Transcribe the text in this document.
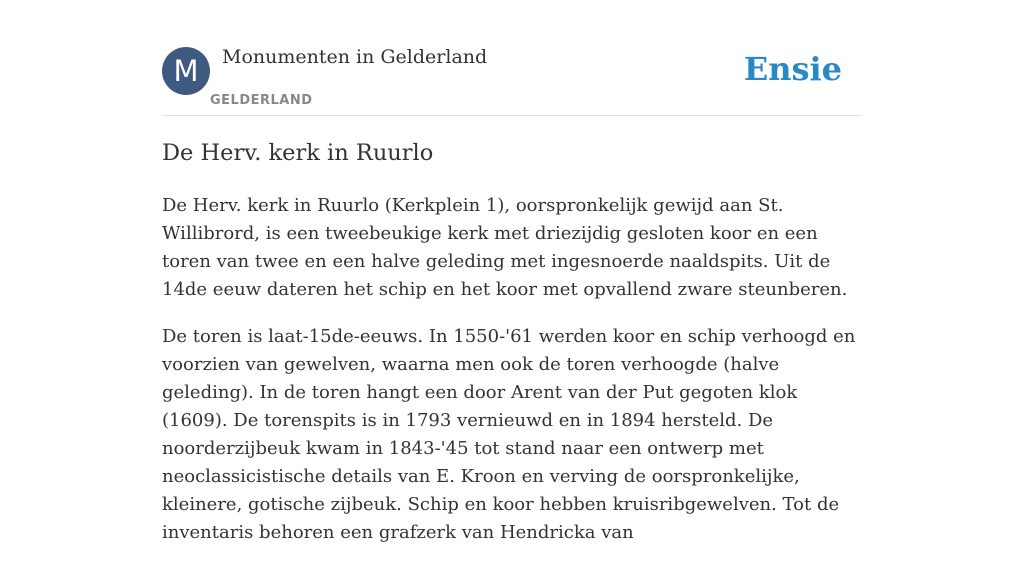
M	Monumenten in Gelderland
GELDERLAND
Ensie
De Herv. kerk in Ruurlo

De Herv. kerk in Ruurlo (Kerkplein 1), oorspronkelijk gewijd aan St. Willibrord, is een tweebeukige kerk met driezijdig gesloten koor en een toren van twee en een halve geleding met ingesnoerde naaldspits. Uit de 14de eeuw dateren het schip en het koor met opvallend zware steunberen.

De toren is laat-15de-eeuws. In 1550-'61 werden koor en schip verhoogd en voorzien van gewelven, waarna men ook de toren verhoogde (halve geleding). In de toren hangt een door Arent van der Put gegoten klok (1609). De torenspits is in 1793 vernieuwd en in 1894 hersteld. De noorderzijbeuk kwam in 1843-'45 tot stand naar een ontwerp met neoclassicistische details van E. Kroon en verving de oorspronkelijke, kleinere, gotische zijbeuk. Schip en koor hebben kruisribgewelven. Tot de inventaris behoren een grafzerk van Hendricka van
